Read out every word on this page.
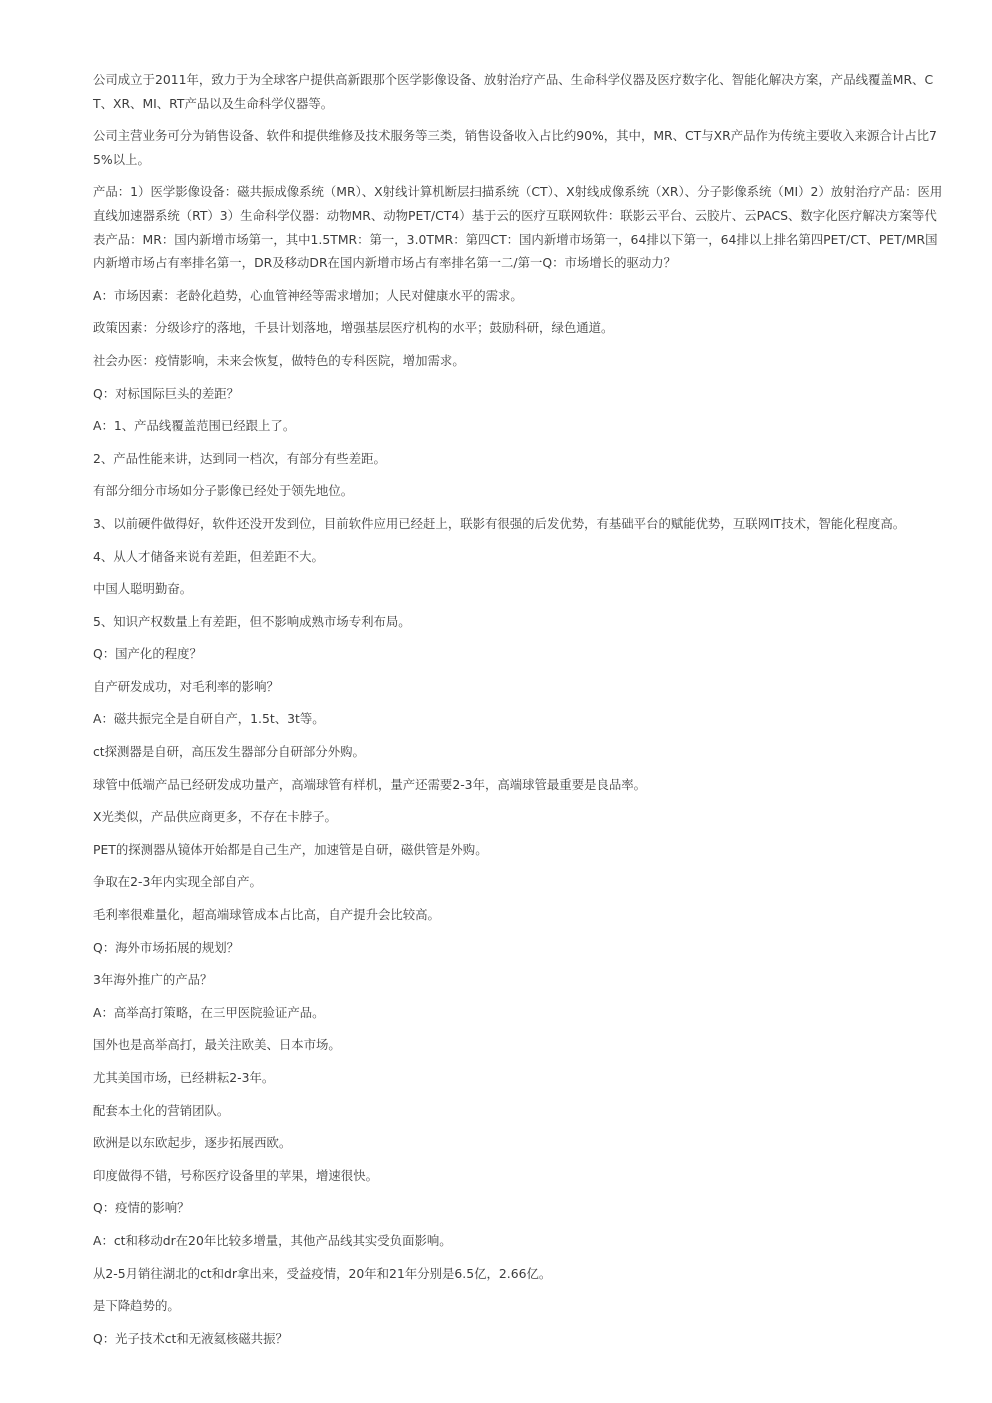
公司成立于2011年，致力于为全球客户提供高新跟那个医学影像设备、放射治疗产品、生命科学仪器及医疗数字化、智能化解决方案，产品线覆盖MR、CT、XR、MI、RT产品以及生命科学仪器等。

公司主营业务可分为销售设备、软件和提供维修及技术服务等三类，销售设备收入占比约90%，其中，MR、CT与XR产品作为传统主要收入来源合计占比75%以上。

产品：1）医学影像设备：磁共振成像系统（MR）、X射线计算机断层扫描系统（CT）、X射线成像系统（XR）、分子影像系统（MI）2）放射治疗产品：医用直线加速器系统（RT）3）生命科学仪器：动物MR、动物PET/CT4）基于云的医疗互联网软件：联影云平台、云胶片、云PACS、数字化医疗解决方案等代表产品：MR：国内新增市场第一，其中1.5TMR：第一，3.0TMR：第四CT：国内新增市场第一，64排以下第一，64排以上排名第四PET/CT、PET/MR国内新增市场占有率排名第一，DR及移动DR在国内新增市场占有率排名第一二/第一Q：市场增长的驱动力？

A：市场因素：老龄化趋势，心血管神经等需求增加；人民对健康水平的需求。

政策因素：分级诊疗的落地，千县计划落地，增强基层医疗机构的水平；鼓励科研，绿色通道。

社会办医：疫情影响，未来会恢复，做特色的专科医院，增加需求。

Q：对标国际巨头的差距？

A：1、产品线覆盖范围已经跟上了。

2、产品性能来讲，达到同一档次，有部分有些差距。

有部分细分市场如分子影像已经处于领先地位。

3、以前硬件做得好，软件还没开发到位，目前软件应用已经赶上，联影有很强的后发优势，有基础平台的赋能优势，互联网IT技术，智能化程度高。

4、从人才储备来说有差距，但差距不大。

中国人聪明勤奋。

5、知识产权数量上有差距，但不影响成熟市场专利布局。

Q：国产化的程度？

自产研发成功，对毛利率的影响？

A：磁共振完全是自研自产，1.5t、3t等。

ct探测器是自研，高压发生器部分自研部分外购。

球管中低端产品已经研发成功量产，高端球管有样机，量产还需要2-3年，高端球管最重要是良品率。

X光类似，产品供应商更多，不存在卡脖子。

PET的探测器从镜体开始都是自己生产，加速管是自研，磁供管是外购。

争取在2-3年内实现全部自产。

毛利率很难量化，超高端球管成本占比高，自产提升会比较高。

Q：海外市场拓展的规划？

3年海外推广的产品？

A：高举高打策略，在三甲医院验证产品。

国外也是高举高打，最关注欧美、日本市场。

尤其美国市场，已经耕耘2-3年。

配套本土化的营销团队。

欧洲是以东欧起步，逐步拓展西欧。

印度做得不错，号称医疗设备里的苹果，增速很快。

Q：疫情的影响？

A：ct和移动dr在20年比较多增量，其他产品线其实受负面影响。

从2-5月销往湖北的ct和dr拿出来，受益疫情，20年和21年分别是6.5亿，2.66亿。

是下降趋势的。

Q：光子技术ct和无液氦核磁共振？
